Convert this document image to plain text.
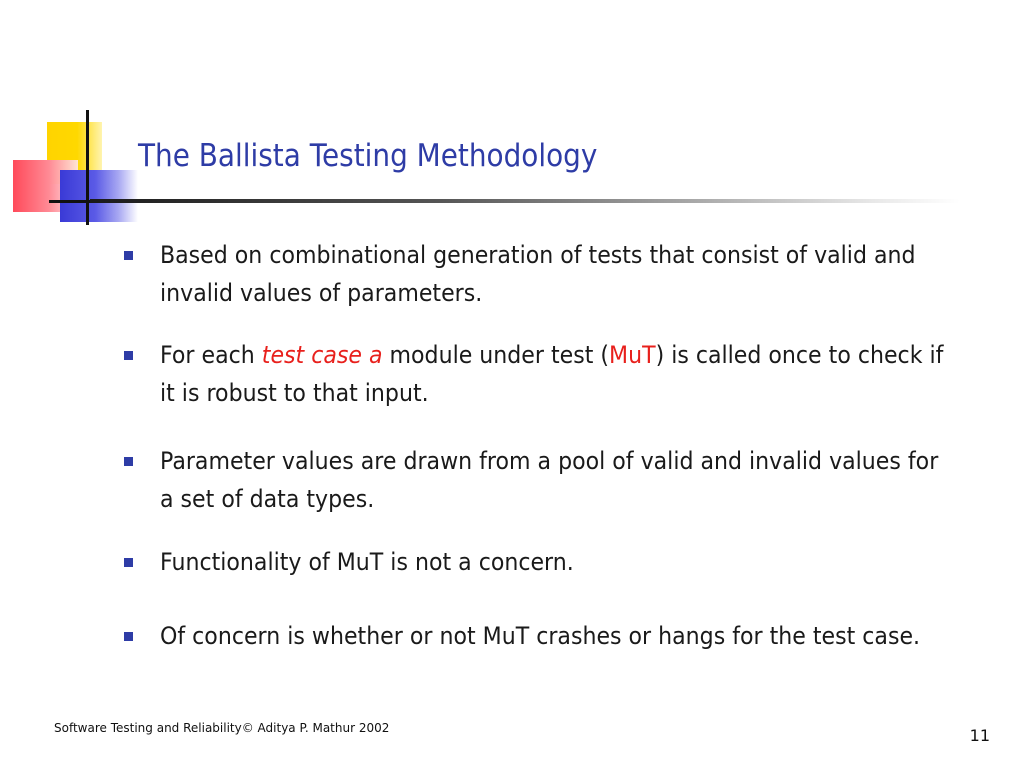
The Ballista Testing Methodology
Based on combinational generation of tests that consist of valid and invalid values of parameters.
For each test case a module under test (MuT) is called once to check if it is robust to that input.
Parameter values are drawn from a pool of valid and invalid values for a set of data types.
Functionality of MuT is not a concern.
Of concern is whether or not MuT crashes or hangs for the test case.
Software Testing and Reliability© Aditya P. Mathur 2002	11
